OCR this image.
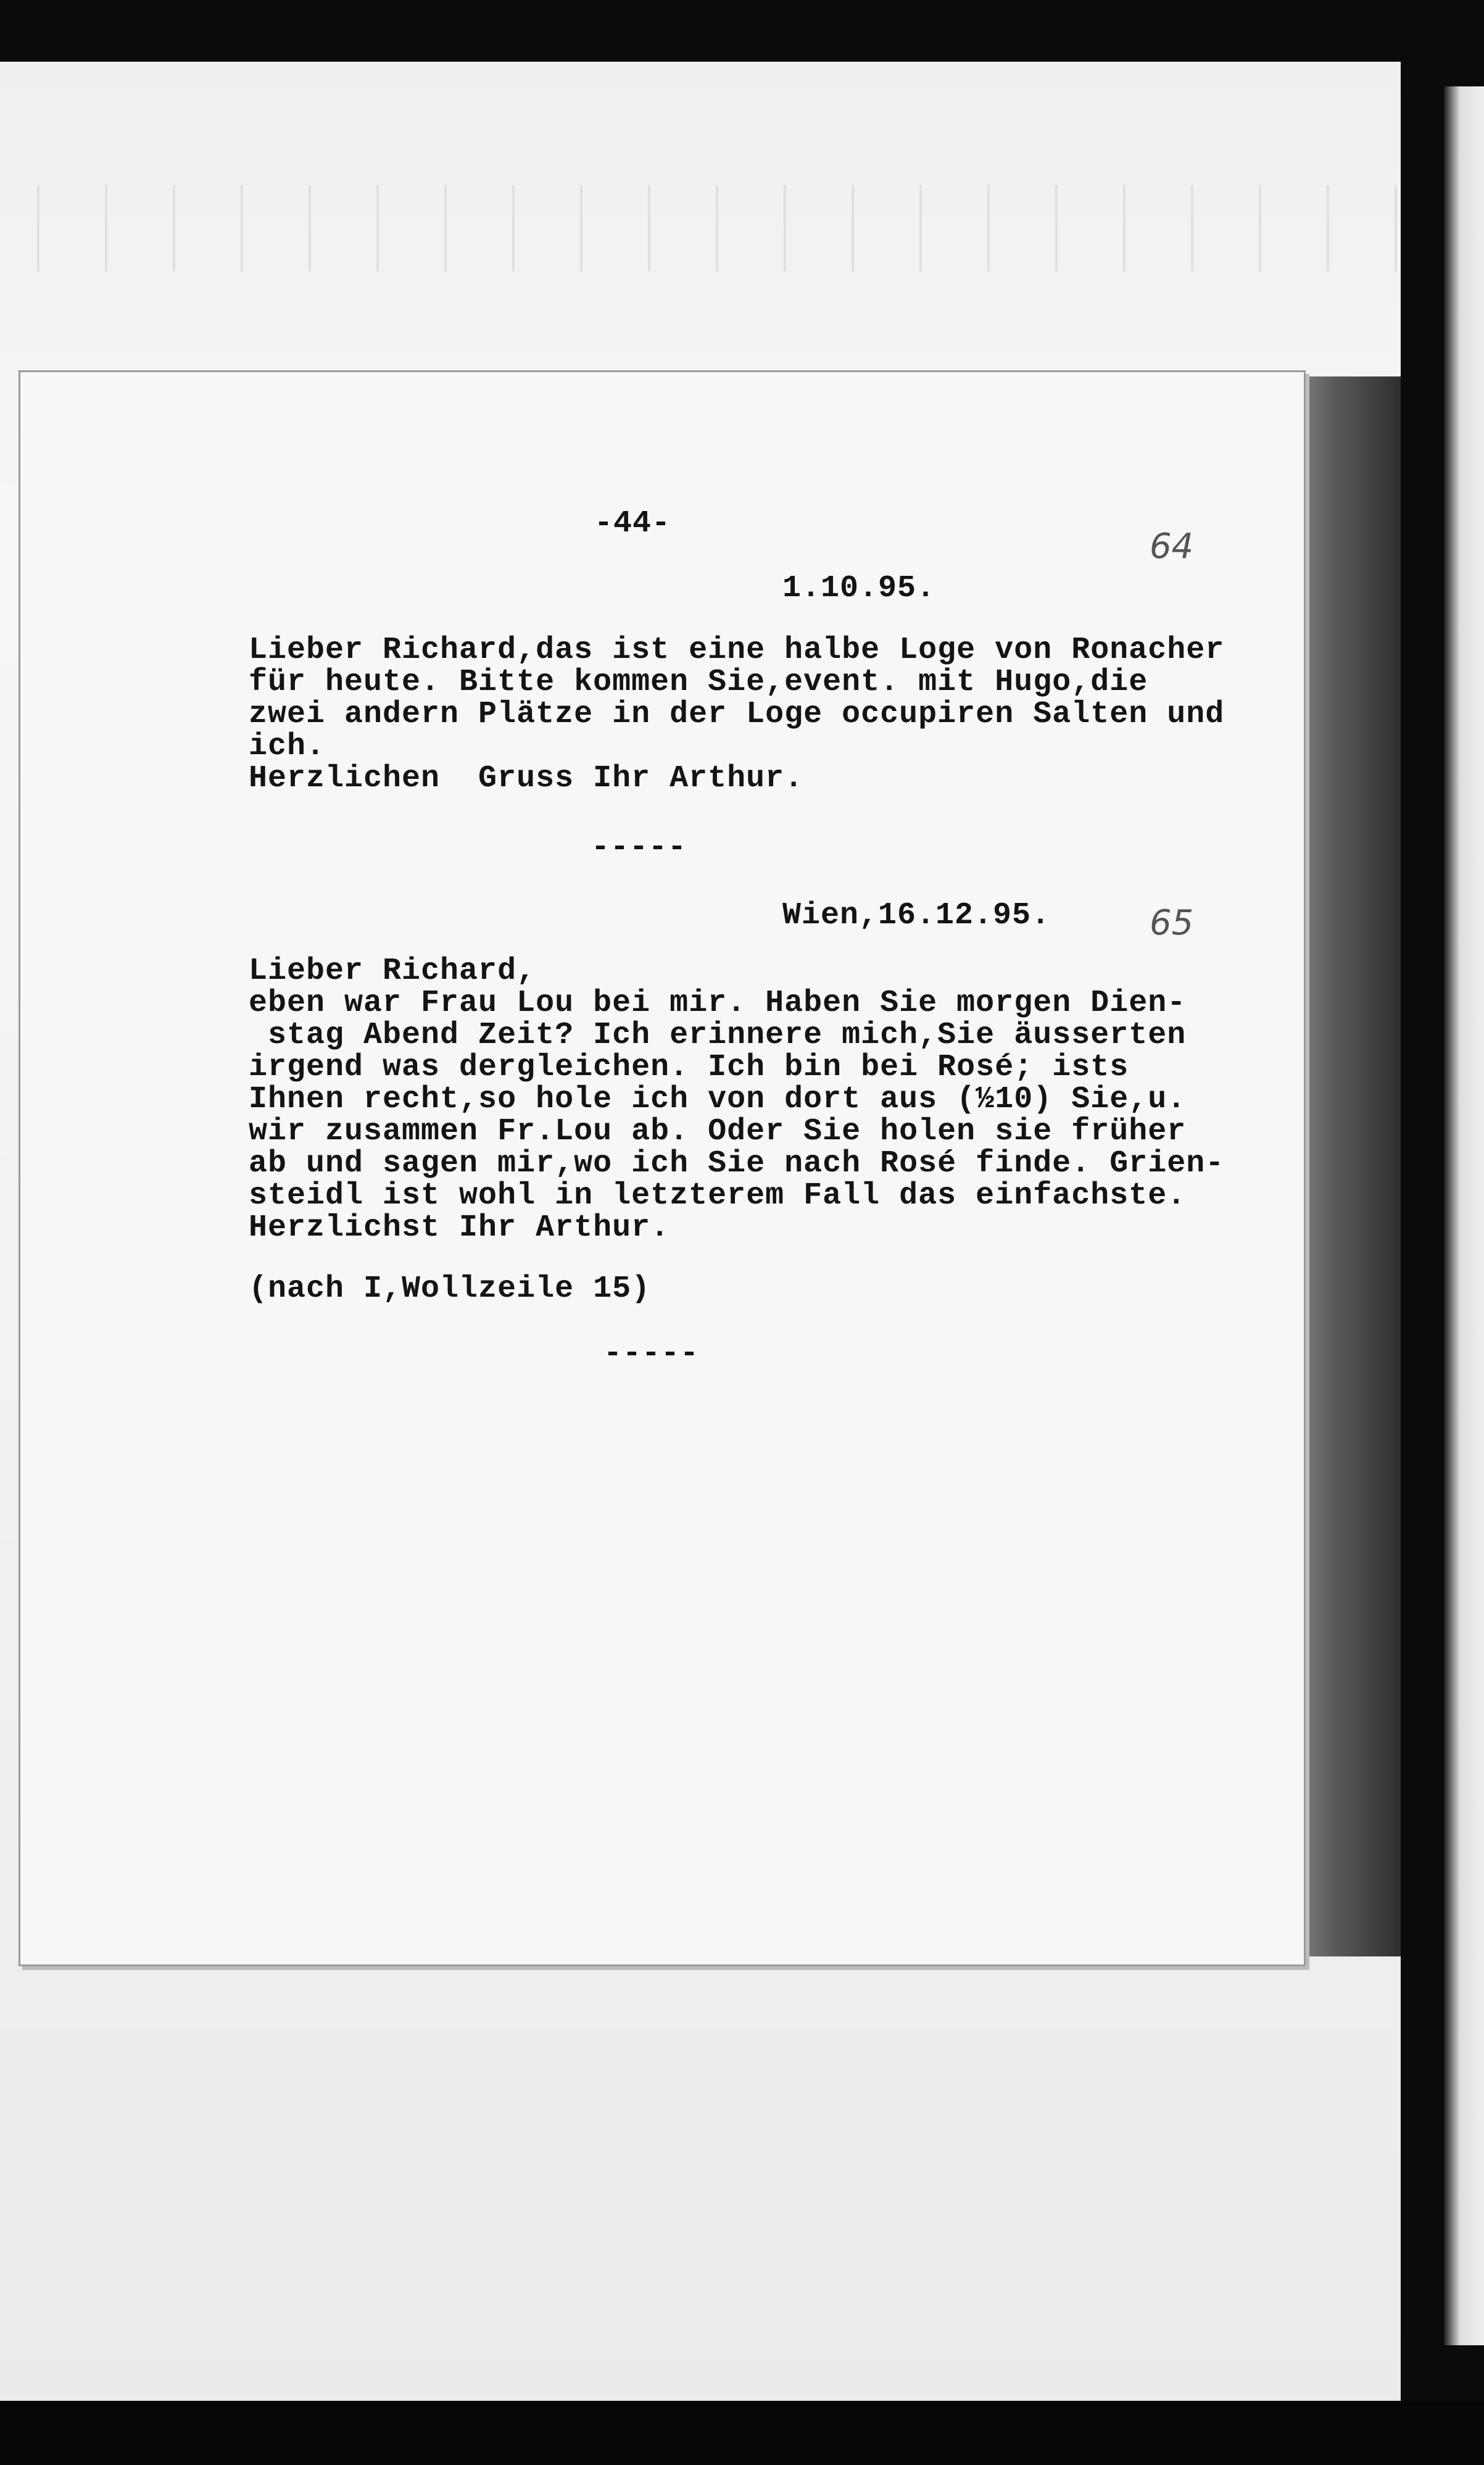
-44-
64
1.10.95.
Lieber Richard,das ist eine halbe Loge von Ronacher
für heute. Bitte kommen Sie,event. mit Hugo,die
zwei andern Plätze in der Loge occupiren Salten und
ich.
Herzlichen  Gruss Ihr Arthur.
-----
Wien,16.12.95.	65
Lieber Richard,
eben war Frau Lou bei mir. Haben Sie morgen Dien-
stag Abend Zeit? Ich erinnere mich,Sie äusserten
irgend was dergleichen. Ich bin bei Rosé; ists
Ihnen recht,so hole ich von dort aus (½10) Sie,u.
wir zusammen Fr.Lou ab. Oder Sie holen sie früher
ab und sagen mir,wo ich Sie nach Rosé finde. Grien-
steidl ist wohl in letzterem Fall das einfachste.
Herzlichst Ihr Arthur.
(nach I,Wollzeile 15)
-----
